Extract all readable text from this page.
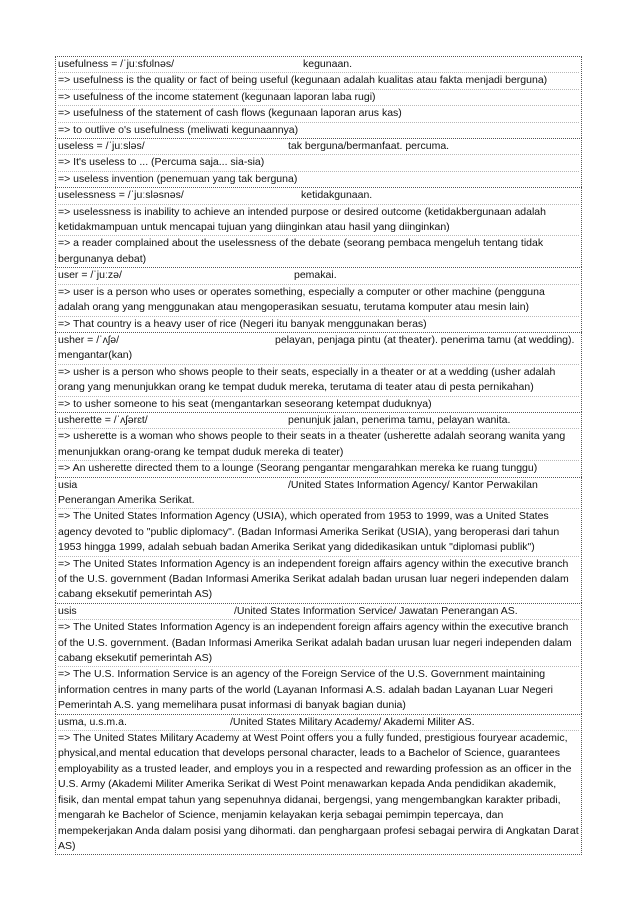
usefulness = /ˈjuːsfʊlnəs/	kegunaan.
=> usefulness is the quality or fact of being useful (kegunaan adalah kualitas atau fakta menjadi berguna)
=> usefulness of the income statement (kegunaan laporan laba rugi)
=> usefulness of the statement of cash flows (kegunaan laporan arus kas)
=> to outlive o's usefulness (meliwati kegunaannya)
useless = /ˈjuːsləs/	tak berguna/bermanfaat. percuma.
=> It's useless to ... (Percuma saja... sia-sia)
=> useless invention (penemuan yang tak berguna)
uselessness = /ˈjuːsləsnəs/	ketidakgunaan.
=> uselessness is inability to achieve an intended purpose or desired outcome (ketidakbergunaan adalah ketidakmampuan untuk mencapai tujuan yang diinginkan atau hasil yang diinginkan)
=> a reader complained about the uselessness of the debate (seorang pembaca mengeluh tentang tidak bergunanya debat)
user = /ˈjuːzə/	pemakai.
=> user is a person who uses or operates something, especially a computer or other machine (pengguna adalah orang yang menggunakan atau mengoperasikan sesuatu, terutama komputer atau mesin lain)
=> That country is a heavy user of rice (Negeri itu banyak menggunakan beras)
usher = /ˈʌʃə/	pelayan, penjaga pintu (at theater). penerima tamu (at wedding). mengantar(kan)
=> usher is a person who shows people to their seats, especially in a theater or at a wedding (usher adalah orang yang menunjukkan orang ke tempat duduk mereka, terutama di teater atau di pesta pernikahan)
=> to usher someone to his seat (mengantarkan seseorang ketempat duduknya)
usherette = /ˈʌʃərɛt/	penunjuk jalan, penerima tamu, pelayan wanita.
=> usherette is a woman who shows people to their seats in a theater (usherette adalah seorang wanita yang menunjukkan orang-orang ke tempat duduk mereka di teater)
=> An usherette directed them to a lounge (Seorang pengantar mengarahkan mereka ke ruang tunggu)
usia	/United States Information Agency/ Kantor Perwakilan Penerangan Amerika Serikat.
=> The United States Information Agency (USIA), which operated from 1953 to 1999, was a United States agency devoted to "public diplomacy". (Badan Informasi Amerika Serikat (USIA), yang beroperasi dari tahun 1953 hingga 1999, adalah sebuah badan Amerika Serikat yang didedikasikan untuk "diplomasi publik")
=> The United States Information Agency is an independent foreign affairs agency within the executive branch of the U.S. government (Badan Informasi Amerika Serikat adalah badan urusan luar negeri independen dalam cabang eksekutif pemerintah AS)
usis	/United States Information Service/ Jawatan Penerangan AS.
=> The United States Information Agency is an independent foreign affairs agency within the executive branch of the U.S. government. (Badan Informasi Amerika Serikat adalah badan urusan luar negeri independen dalam cabang eksekutif pemerintah AS)
=> The U.S. Information Service is an agency of the Foreign Service of the U.S. Government maintaining information centres in many parts of the world (Layanan Informasi A.S. adalah badan Layanan Luar Negeri Pemerintah A.S. yang memelihara pusat informasi di banyak bagian dunia)
usma, u.s.m.a.	/United States Military Academy/ Akademi Militer AS.
=> The United States Military Academy at West Point offers you a fully funded, prestigious fouryear academic, physical,and mental education that develops personal character, leads to a Bachelor of Science, guarantees employability as a trusted leader, and employs you in a respected and rewarding profession as an officer in the U.S. Army (Akademi Militer Amerika Serikat di West Point menawarkan kepada Anda pendidikan akademik, fisik, dan mental empat tahun yang sepenuhnya didanai, bergengsi, yang mengembangkan karakter pribadi, mengarah ke Bachelor of Science, menjamin kelayakan kerja sebagai pemimpin tepercaya, dan mempekerjakan Anda dalam posisi yang dihormati. dan penghargaan profesi sebagai perwira di Angkatan Darat AS)
